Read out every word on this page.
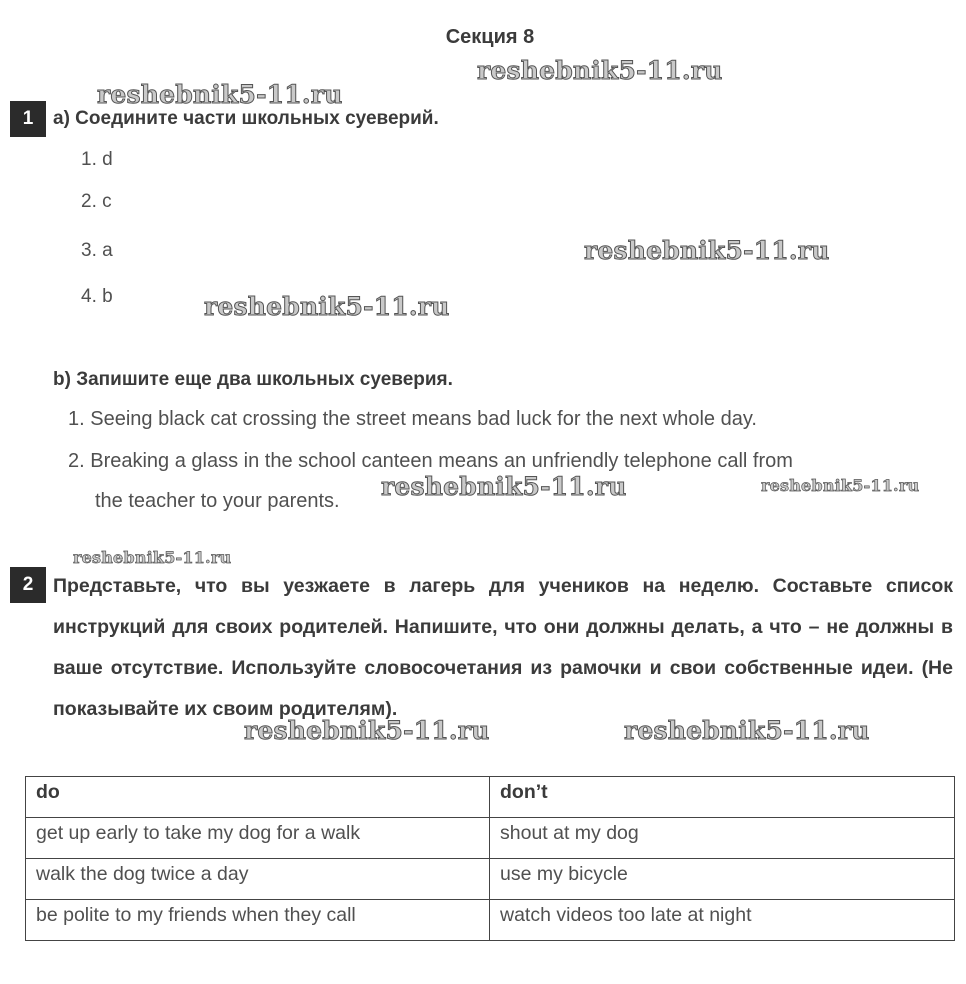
Секция 8
1	a) Соедините части школьных суеверий.
1. d
2. c
3. a
4. b
b) Запишите еще два школьных суеверия.
1. Seeing black cat crossing the street means bad luck for the next whole day.
2. Breaking a glass in the school canteen means an unfriendly telephone call from
the teacher to your parents.
2	Представьте, что вы уезжаете в лагерь для учеников на неделю. Составьте список инструкций для своих родителей. Напишите, что они должны делать, а что – не должны в ваше отсутствие. Используйте словосочетания из рамочки и свои собственные идеи. (Не показывайте их своим родителям).
do	don’t
get up early to take my dog for a walk	shout at my dog
walk the dog twice a day	use my bicycle
be polite to my friends when they call	watch videos too late at night
reshebnik5-11.ru
reshebnik5-11.ru
reshebnik5-11.ru
reshebnik5-11.ru
reshebnik5-11.ru	reshebnik5-11.ru
reshebnik5-11.ru
reshebnik5-11.ru	reshebnik5-11.ru
